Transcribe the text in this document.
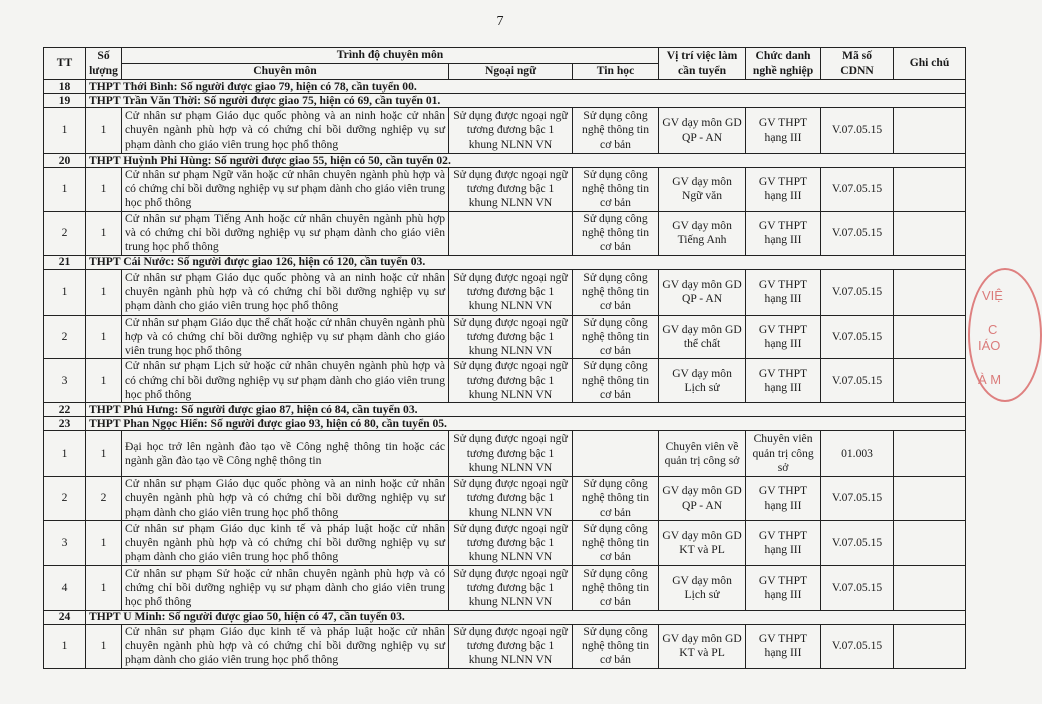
7
VIỆ
C
IÁO
À M
TT	Số lượng	Trình độ chuyên môn			Vị trí việc làm cần tuyển	Chức danh nghề nghiệp	Mã số CDNN	Ghi chú
		Chuyên môn	Ngoại ngữ	Tin học				
18	THPT Thới Bình: Số người được giao 79, hiện có 78, cần tuyển 00.							
19	THPT Trần Văn Thời: Số người được giao 75, hiện có 69, cần tuyển 01.							
1	1	Cử nhân sư phạm Giáo dục quốc phòng và an ninh hoặc cử nhân chuyên ngành phù hợp và có chứng chỉ bồi dưỡng nghiệp vụ sư phạm dành cho giáo viên trung học phổ thông	Sử dụng được ngoại ngữ tương đương bậc 1 khung NLNN VN	Sử dụng công nghệ thông tin cơ bản	GV dạy môn GD QP - AN	GV THPT hạng III	V.07.05.15	
20	THPT Huỳnh Phi Hùng: Số người được giao 55, hiện có 50, cần tuyển 02.							
1	1	Cử nhân sư phạm Ngữ văn hoặc cử nhân chuyên ngành phù hợp và có chứng chỉ bồi dưỡng nghiệp vụ sư phạm dành cho giáo viên trung học phổ thông	Sử dụng được ngoại ngữ tương đương bậc 1 khung NLNN VN	Sử dụng công nghệ thông tin cơ bản	GV dạy môn Ngữ văn	GV THPT hạng III	V.07.05.15	
2	1	Cử nhân sư phạm Tiếng Anh hoặc cử nhân chuyên ngành phù hợp và có chứng chỉ bồi dưỡng nghiệp vụ sư phạm dành cho giáo viên trung học phổ thông		Sử dụng công nghệ thông tin cơ bản	GV dạy môn Tiếng Anh	GV THPT hạng III	V.07.05.15	
21	THPT Cái Nước: Số người được giao 126, hiện có 120, cần tuyển 03.							
1	1	Cử nhân sư phạm Giáo dục quốc phòng và an ninh hoặc cử nhân chuyên ngành phù hợp và có chứng chỉ bồi dưỡng nghiệp vụ sư phạm dành cho giáo viên trung học phổ thông	Sử dụng được ngoại ngữ tương đương bậc 1 khung NLNN VN	Sử dụng công nghệ thông tin cơ bản	GV dạy môn GD QP - AN	GV THPT hạng III	V.07.05.15	
2	1	Cử nhân sư phạm Giáo dục thể chất hoặc cử nhân chuyên ngành phù hợp và có chứng chỉ bồi dưỡng nghiệp vụ sư phạm dành cho giáo viên trung học phổ thông	Sử dụng được ngoại ngữ tương đương bậc 1 khung NLNN VN	Sử dụng công nghệ thông tin cơ bản	GV dạy môn GD thể chất	GV THPT hạng III	V.07.05.15	
3	1	Cử nhân sư phạm Lịch sử hoặc cử nhân chuyên ngành phù hợp và có chứng chỉ bồi dưỡng nghiệp vụ sư phạm dành cho giáo viên trung học phổ thông	Sử dụng được ngoại ngữ tương đương bậc 1 khung NLNN VN	Sử dụng công nghệ thông tin cơ bản	GV dạy môn Lịch sử	GV THPT hạng III	V.07.05.15	
22	THPT Phú Hưng: Số người được giao 87, hiện có 84, cần tuyển 03.							
23	THPT Phan Ngọc Hiển: Số người được giao 93, hiện có 80, cần tuyển 05.							
1	1	Đại học trở lên ngành đào tạo về Công nghệ thông tin hoặc các ngành gần đào tạo về Công nghệ thông tin	Sử dụng được ngoại ngữ tương đương bậc 1 khung NLNN VN		Chuyên viên về quản trị công sở	Chuyên viên quản trị công sở	01.003	
2	2	Cử nhân sư phạm Giáo dục quốc phòng và an ninh hoặc cử nhân chuyên ngành phù hợp và có chứng chỉ bồi dưỡng nghiệp vụ sư phạm dành cho giáo viên trung học phổ thông	Sử dụng được ngoại ngữ tương đương bậc 1 khung NLNN VN	Sử dụng công nghệ thông tin cơ bản	GV dạy môn GD QP - AN	GV THPT hạng III	V.07.05.15	
3	1	Cử nhân sư phạm Giáo dục kinh tế và pháp luật hoặc cử nhân chuyên ngành phù hợp và có chứng chỉ bồi dưỡng nghiệp vụ sư phạm dành cho giáo viên trung học phổ thông	Sử dụng được ngoại ngữ tương đương bậc 1 khung NLNN VN	Sử dụng công nghệ thông tin cơ bản	GV dạy môn GD KT và PL	GV THPT hạng III	V.07.05.15	
4	1	Cử nhân sư phạm Sử hoặc cử nhân chuyên ngành phù hợp và có chứng chỉ bồi dưỡng nghiệp vụ sư phạm dành cho giáo viên trung học phổ thông	Sử dụng được ngoại ngữ tương đương bậc 1 khung NLNN VN	Sử dụng công nghệ thông tin cơ bản	GV dạy môn Lịch sử	GV THPT hạng III	V.07.05.15	
24	THPT U Minh: Số người được giao 50, hiện có 47, cần tuyển 03.							
1	1	Cử nhân sư phạm Giáo dục kinh tế và pháp luật hoặc cử nhân chuyên ngành phù hợp và có chứng chỉ bồi dưỡng nghiệp vụ sư phạm dành cho giáo viên trung học phổ thông	Sử dụng được ngoại ngữ tương đương bậc 1 khung NLNN VN	Sử dụng công nghệ thông tin cơ bản	GV dạy môn GD KT và PL	GV THPT hạng III	V.07.05.15	
